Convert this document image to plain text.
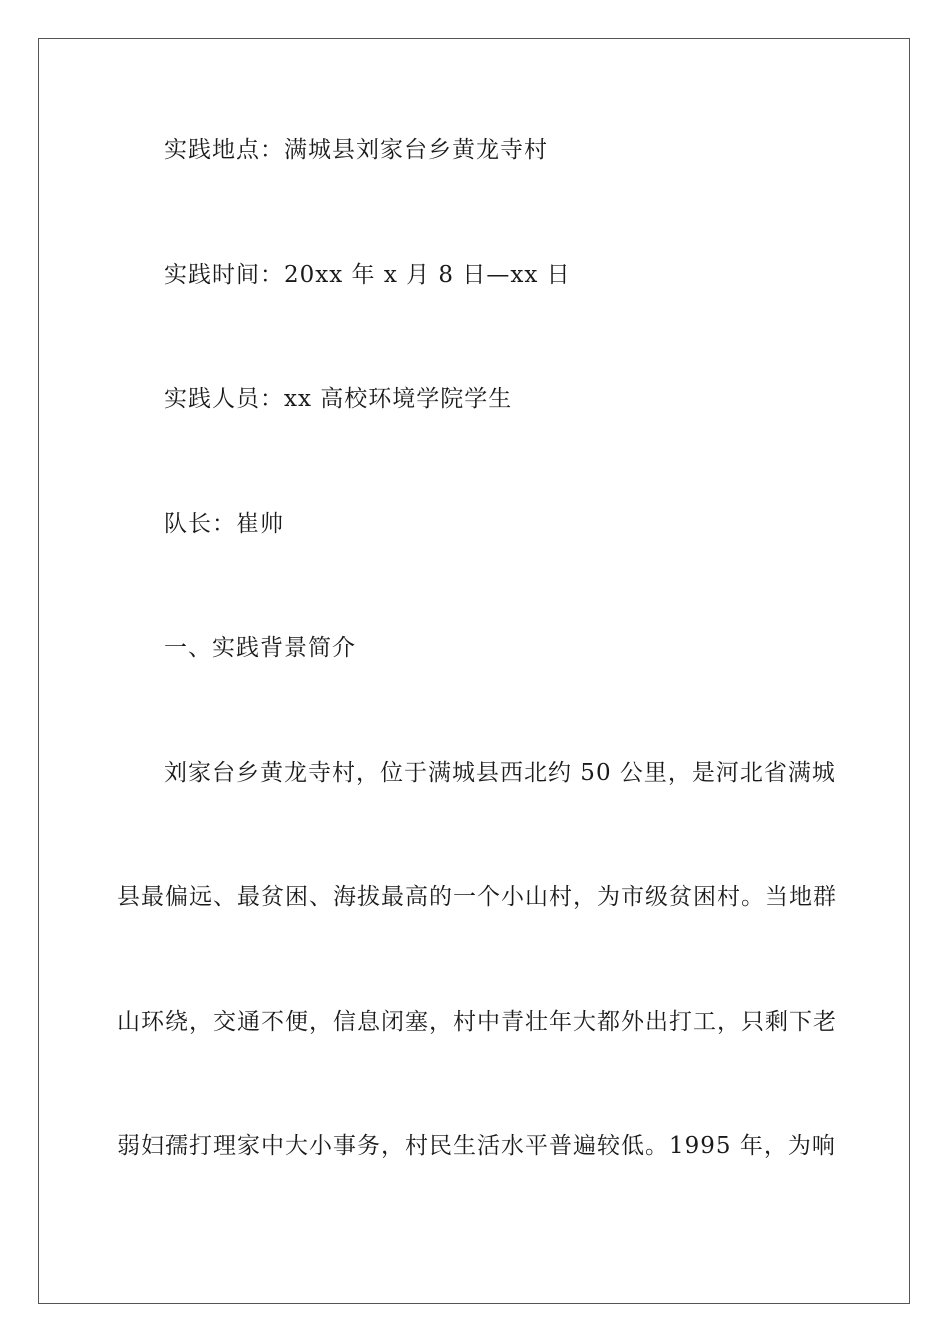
实践地点：满城县刘家台乡黄龙寺村
实践时间：20xx 年 x 月 8 日—xx 日
实践人员：xx 高校环境学院学生
队长：崔帅
一、实践背景简介
刘家台乡黄龙寺村，位于满城县西北约 50 公里，是河北省满城
县最偏远、最贫困、海拔最高的一个小山村，为市级贫困村。当地群
山环绕，交通不便，信息闭塞，村中青壮年大都外出打工，只剩下老
弱妇孺打理家中大小事务，村民生活水平普遍较低。1995 年，为响
